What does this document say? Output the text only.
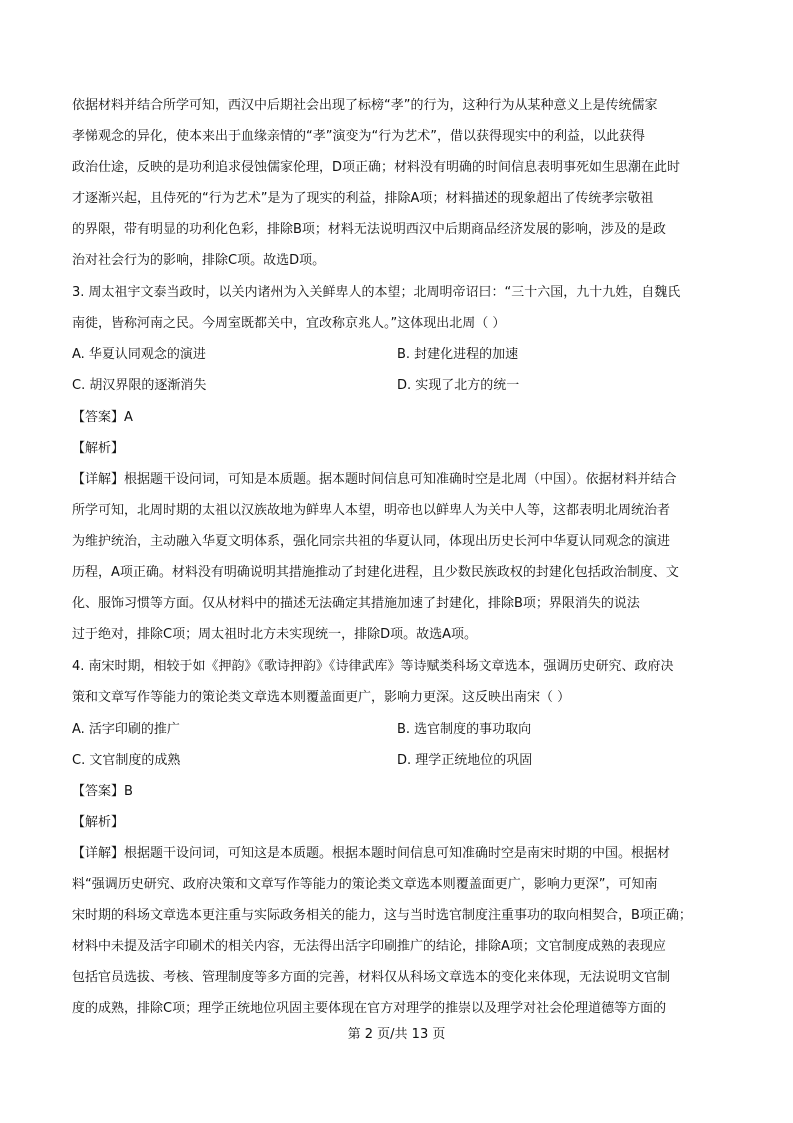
依据材料并结合所学可知，西汉中后期社会出现了标榜“孝”的行为，这种行为从某种意义上是传统儒家
孝悌观念的异化，使本来出于血缘亲情的“孝”演变为“行为艺术”，借以获得现实中的利益，以此获得
政治仕途，反映的是功利追求侵蚀儒家伦理，D项正确；材料没有明确的时间信息表明事死如生思潮在此时
才逐渐兴起，且侍死的“行为艺术”是为了现实的利益，排除A项；材料描述的现象超出了传统孝宗敬祖
的界限，带有明显的功利化色彩，排除B项；材料无法说明西汉中后期商品经济发展的影响，涉及的是政
治对社会行为的影响，排除C项。故选D项。
3. 周太祖宇文泰当政时，以关内诸州为入关鲜卑人的本望；北周明帝诏曰：“三十六国，九十九姓，自魏氏
南徙，皆称河南之民。今周室既都关中，宜改称京兆人。”这体现出北周（ ）
A. 华夏认同观念的演进	B. 封建化进程的加速
C. 胡汉界限的逐渐消失	D. 实现了北方的统一
【答案】A
【解析】
【详解】根据题干设问词，可知是本质题。据本题时间信息可知准确时空是北周（中国）。依据材料并结合
所学可知，北周时期的太祖以汉族故地为鲜卑人本望，明帝也以鲜卑人为关中人等，这都表明北周统治者
为维护统治，主动融入华夏文明体系，强化同宗共祖的华夏认同，体现出历史长河中华夏认同观念的演进
历程，A项正确。材料没有明确说明其措施推动了封建化进程，且少数民族政权的封建化包括政治制度、文
化、服饰习惯等方面。仅从材料中的描述无法确定其措施加速了封建化，排除B项；界限消失的说法
过于绝对，排除C项；周太祖时北方未实现统一，排除D项。故选A项。
4. 南宋时期，相较于如《押韵》《歌诗押韵》《诗律武库》等诗赋类科场文章选本，强调历史研究、政府决
策和文章写作等能力的策论类文章选本则覆盖面更广，影响力更深。这反映出南宋（ ）
A. 活字印刷的推广	B. 选官制度的事功取向
C. 文官制度的成熟	D. 理学正统地位的巩固
【答案】B
【解析】
【详解】根据题干设问词，可知这是本质题。根据本题时间信息可知准确时空是南宋时期的中国。根据材
料“强调历史研究、政府决策和文章写作等能力的策论类文章选本则覆盖面更广，影响力更深”，可知南
宋时期的科场文章选本更注重与实际政务相关的能力，这与当时选官制度注重事功的取向相契合，B项正确；
材料中未提及活字印刷术的相关内容，无法得出活字印刷推广的结论，排除A项；文官制度成熟的表现应
包括官员选拔、考核、管理制度等多方面的完善，材料仅从科场文章选本的变化来体现，无法说明文官制
度的成熟，排除C项；理学正统地位巩固主要体现在官方对理学的推崇以及理学对社会伦理道德等方面的
第 2 页/共 13 页
